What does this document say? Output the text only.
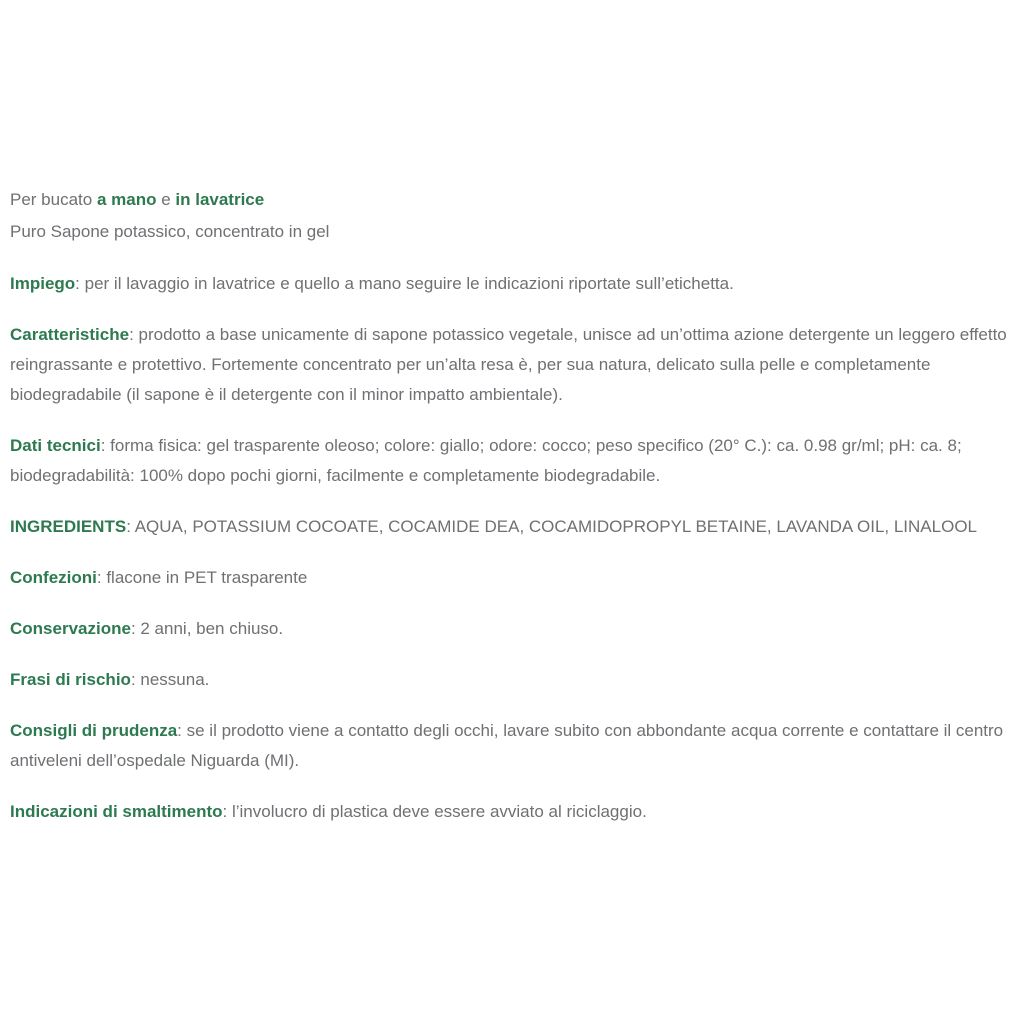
Per bucato a mano e in lavatrice
Puro Sapone potassico, concentrato in gel

Impiego: per il lavaggio in lavatrice e quello a mano seguire le indicazioni riportate sull’etichetta.

Caratteristiche: prodotto a base unicamente di sapone potassico vegetale, unisce ad un’ottima azione detergente un leggero effetto reingrassante e protettivo. Fortemente concentrato per un’alta resa è, per sua natura, delicato sulla pelle e completamente biodegradabile (il sapone è il detergente con il minor impatto ambientale).

Dati tecnici: forma fisica: gel trasparente oleoso; colore: giallo; odore: cocco; peso specifico (20° C.): ca. 0.98 gr/ml; pH: ca. 8; biodegradabilità: 100% dopo pochi giorni, facilmente e completamente biodegradabile.

INGREDIENTS: AQUA, POTASSIUM COCOATE, COCAMIDE DEA, COCAMIDOPROPYL BETAINE, LAVANDA OIL, LINALOOL

Confezioni: flacone in PET trasparente

Conservazione: 2 anni, ben chiuso.

Frasi di rischio: nessuna.

Consigli di prudenza: se il prodotto viene a contatto degli occhi, lavare subito con abbondante acqua corrente e contattare il centro antiveleni dell’ospedale Niguarda (MI).

Indicazioni di smaltimento: l’involucro di plastica deve essere avviato al riciclaggio.
